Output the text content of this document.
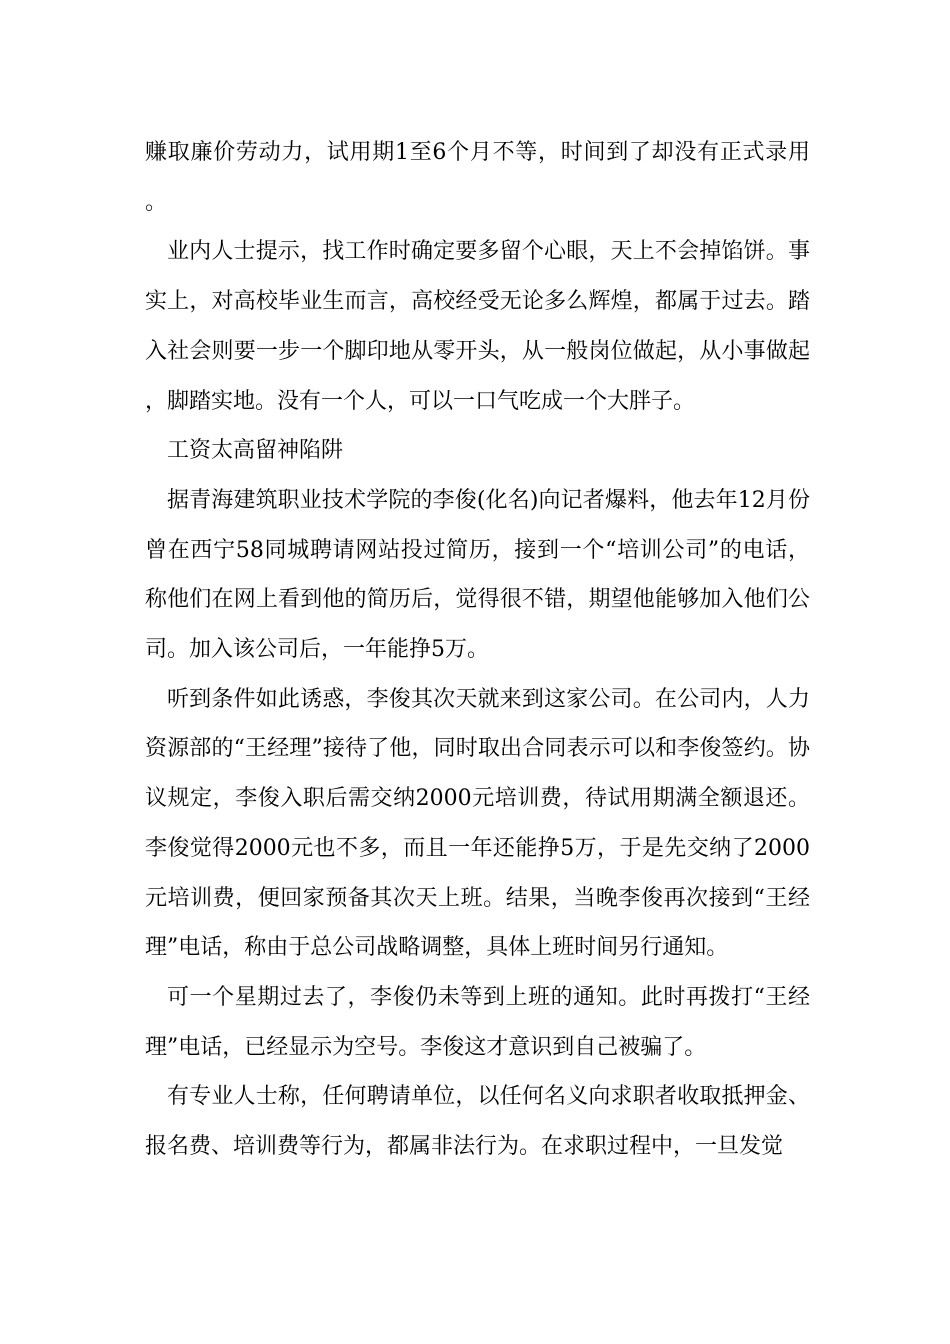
赚取廉价劳动力，试用期1至6个月不等，时间到了却没有正式录用。

业内人士提示，找工作时确定要多留个心眼，天上不会掉馅饼。事实上，对高校毕业生而言，高校经受无论多么辉煌，都属于过去。踏入社会则要一步一个脚印地从零开头，从一般岗位做起，从小事做起，脚踏实地。没有一个人，可以一口气吃成一个大胖子。

工资太高留神陷阱

据青海建筑职业技术学院的李俊(化名)向记者爆料，他去年12月份曾在西宁58同城聘请网站投过简历，接到一个“培训公司”的电话，称他们在网上看到他的简历后，觉得很不错，期望他能够加入他们公司。加入该公司后，一年能挣5万。

听到条件如此诱惑，李俊其次天就来到这家公司。在公司内，人力资源部的“王经理”接待了他，同时取出合同表示可以和李俊签约。协议规定，李俊入职后需交纳2000元培训费，待试用期满全额退还。李俊觉得2000元也不多，而且一年还能挣5万，于是先交纳了2000元培训费，便回家预备其次天上班。结果，当晚李俊再次接到“王经理”电话，称由于总公司战略调整，具体上班时间另行通知。

可一个星期过去了，李俊仍未等到上班的通知。此时再拨打“王经理”电话，已经显示为空号。李俊这才意识到自己被骗了。

有专业人士称，任何聘请单位，以任何名义向求职者收取抵押金、报名费、培训费等行为，都属非法行为。在求职过程中，一旦发觉
